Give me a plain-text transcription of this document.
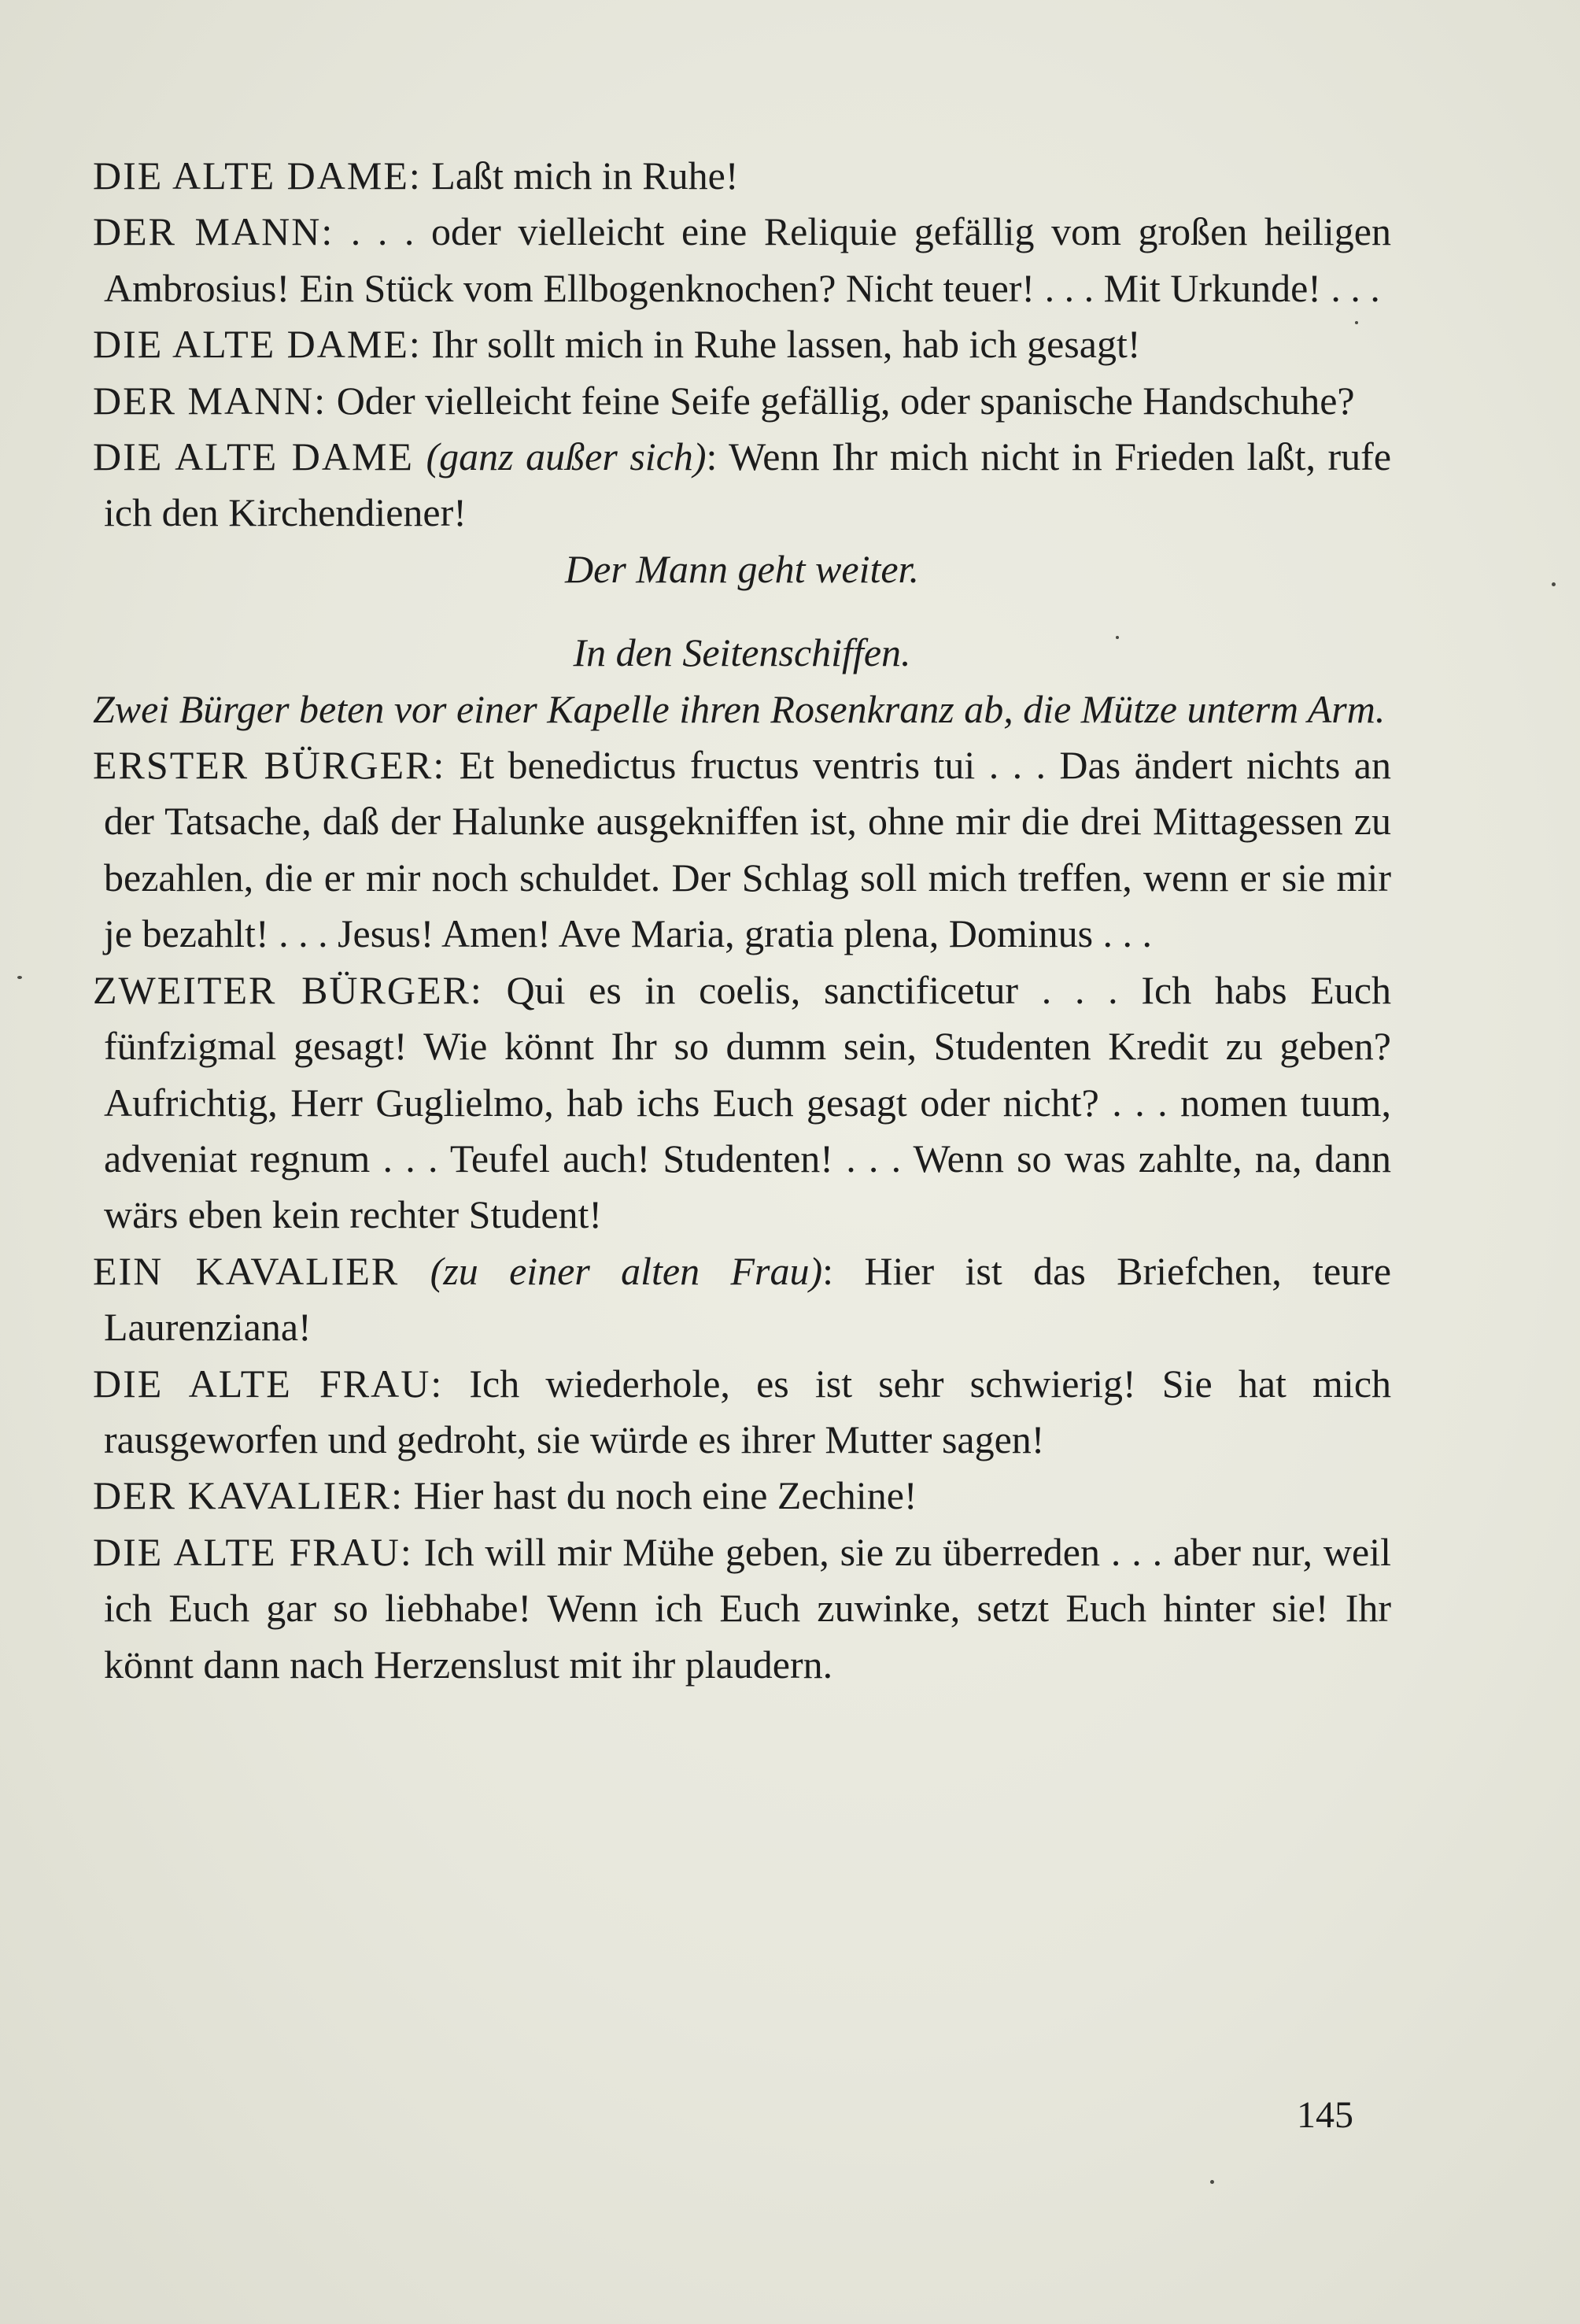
DIE ALTE DAME: Laßt mich in Ruhe!

DER MANN: . . . oder vielleicht eine Reliquie gefällig vom großen heiligen Ambrosius! Ein Stück vom Ellbogenknochen? Nicht teuer! . . . Mit Urkunde! . . .

DIE ALTE DAME: Ihr sollt mich in Ruhe lassen, hab ich gesagt!

DER MANN: Oder vielleicht feine Seife gefällig, oder spanische Handschuhe?

DIE ALTE DAME (ganz außer sich): Wenn Ihr mich nicht in Frieden laßt, rufe ich den Kirchendiener!

Der Mann geht weiter.

In den Seitenschiffen.

Zwei Bürger beten vor einer Kapelle ihren Rosenkranz ab, die Mütze unterm Arm.

ERSTER BÜRGER: Et benedictus fructus ventris tui . . . Das ändert nichts an der Tatsache, daß der Halunke ausgekniffen ist, ohne mir die drei Mittagessen zu bezahlen, die er mir noch schuldet. Der Schlag soll mich treffen, wenn er sie mir je bezahlt! . . . Jesus! Amen! Ave Maria, gratia plena, Dominus . . .

ZWEITER BÜRGER: Qui es in coelis, sanctificetur . . . Ich habs Euch fünfzigmal gesagt! Wie könnt Ihr so dumm sein, Studenten Kredit zu geben? Aufrichtig, Herr Guglielmo, hab ichs Euch gesagt oder nicht? . . . nomen tuum, adveniat regnum . . . Teufel auch! Studenten! . . . Wenn so was zahlte, na, dann wärs eben kein rechter Student!

EIN KAVALIER (zu einer alten Frau): Hier ist das Briefchen, teure Laurenziana!

DIE ALTE FRAU: Ich wiederhole, es ist sehr schwierig! Sie hat mich rausgeworfen und gedroht, sie würde es ihrer Mutter sagen!

DER KAVALIER: Hier hast du noch eine Zechine!

DIE ALTE FRAU: Ich will mir Mühe geben, sie zu überreden . . . aber nur, weil ich Euch gar so liebhabe! Wenn ich Euch zuwinke, setzt Euch hinter sie! Ihr könnt dann nach Herzenslust mit ihr plaudern.

145
